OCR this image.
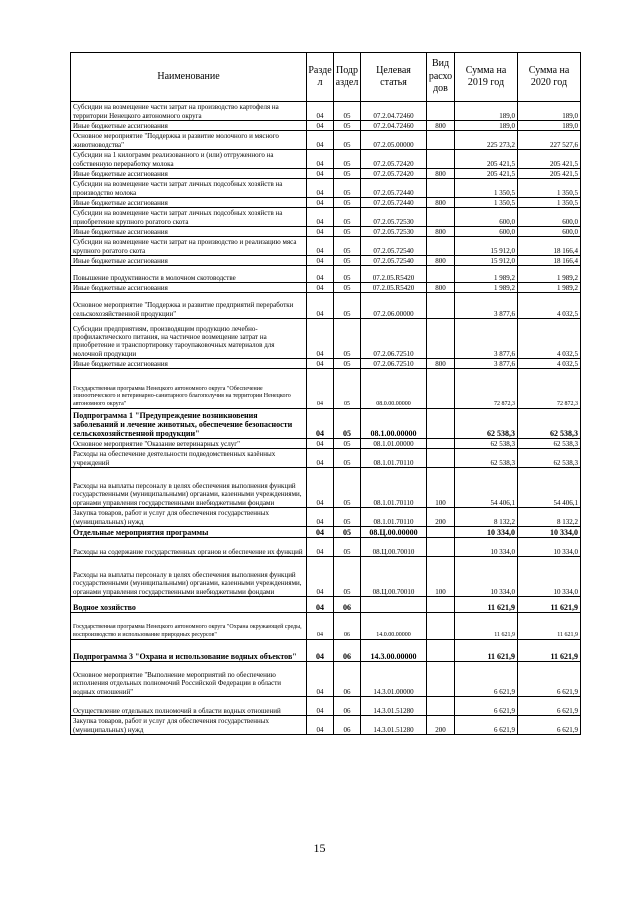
Наименование	Разде л	Подр аздел	Целевая статья	Вид расхо дов	Сумма на 2019 год	Сумма на 2020 год
Субсидии на возмещение части затрат на производство картофеля на территории Ненецкого автономного округа	04	05	07.2.04.72460		189,0	189,0
Иные бюджетные ассигнования	04	05	07.2.04.72460	800	189,0	189,0
Основное мероприятие "Поддержка и развитие молочного и мясного животноводства"	04	05	07.2.05.00000		225 273,2	227 527,6
Субсидии на 1 килограмм реализованного и (или) отгруженного на собственную переработку молока	04	05	07.2.05.72420		205 421,5	205 421,5
Иные бюджетные ассигнования	04	05	07.2.05.72420	800	205 421,5	205 421,5
Субсидии на возмещение части затрат личных подсобных хозяйств на производство молока	04	05	07.2.05.72440		1 350,5	1 350,5
Иные бюджетные ассигнования	04	05	07.2.05.72440	800	1 350,5	1 350,5
Субсидии на возмещение части затрат личных подсобных хозяйств на приобретение крупного рогатого скота	04	05	07.2.05.72530		600,0	600,0
Иные бюджетные ассигнования	04	05	07.2.05.72530	800	600,0	600,0
Субсидии на возмещение части затрат на производство и реализацию мяса крупного рогатого скота	04	05	07.2.05.72540		15 912,0	18 166,4
Иные бюджетные ассигнования	04	05	07.2.05.72540	800	15 912,0	18 166,4
Повышение продуктивности в молочном скотоводстве	04	05	07.2.05.R5420		1 989,2	1 989,2
Иные бюджетные ассигнования	04	05	07.2.05.R5420	800	1 989,2	1 989,2
Основное мероприятие "Поддержка и развитие предприятий переработки сельскохозяйственной продукции"	04	05	07.2.06.00000		3 877,6	4 032,5
Субсидии предприятиям, производящим продукцию лечебно-профилактического питания, на частичное возмещение затрат на приобретение и транспортировку тароупаковочных материалов для молочной продукции	04	05	07.2.06.72510		3 877,6	4 032,5
Иные бюджетные ассигнования	04	05	07.2.06.72510	800	3 877,6	4 032,5
Государственная программа Ненецкого автономного округа "Обеспечение эпизоотического и ветеринарно-санитарного благополучия на территории Ненецкого автономного округа"	04	05	08.0.00.00000		72 872,3	72 872,3
Подпрограмма 1 "Предупреждение возникновения заболеваний и лечение животных, обеспечение безопасности сельскохозяйственной продукции"	04	05	08.1.00.00000		62 538,3	62 538,3
Основное мероприятие "Оказание ветеринарных услуг"	04	05	08.1.01.00000		62 538,3	62 538,3
Расходы на обеспечение деятельности подведомственных казённых учреждений	04	05	08.1.01.70110		62 538,3	62 538,3
Расходы на выплаты персоналу в целях обеспечения выполнения функций государственными (муниципальными) органами, казенными учреждениями, органами управления государственными внебюджетными фондами	04	05	08.1.01.70110	100	54 406,1	54 406,1
Закупка товаров, работ и услуг для обеспечения государственных (муниципальных) нужд	04	05	08.1.01.70110	200	8 132,2	8 132,2
Отдельные мероприятия программы	04	05	08.Ц.00.00000		10 334,0	10 334,0
Расходы на содержание государственных органов и обеспечение их функций	04	05	08.Ц.00.70010		10 334,0	10 334,0
Расходы на выплаты персоналу в целях обеспечения выполнения функций государственными (муниципальными) органами, казенными учреждениями, органами управления государственными внебюджетными фондами	04	05	08.Ц.00.70010	100	10 334,0	10 334,0
Водное хозяйство	04	06			11 621,9	11 621,9
Государственная программа Ненецкого автономного округа "Охрана окружающей среды, воспроизводство и использование природных ресурсов"	04	06	14.0.00.00000		11 621,9	11 621,9
Подпрограмма 3 "Охрана и использование водных объектов"	04	06	14.3.00.00000		11 621,9	11 621,9
Основное мероприятие "Выполнение мероприятий по обеспечению исполнения отдельных полномочий Российской Федерации в области водных отношений"	04	06	14.3.01.00000		6 621,9	6 621,9
Осуществление отдельных полномочий в области водных отношений	04	06	14.3.01.51280		6 621,9	6 621,9
Закупка товаров, работ и услуг для обеспечения государственных (муниципальных) нужд	04	06	14.3.01.51280	200	6 621,9	6 621,9
15
